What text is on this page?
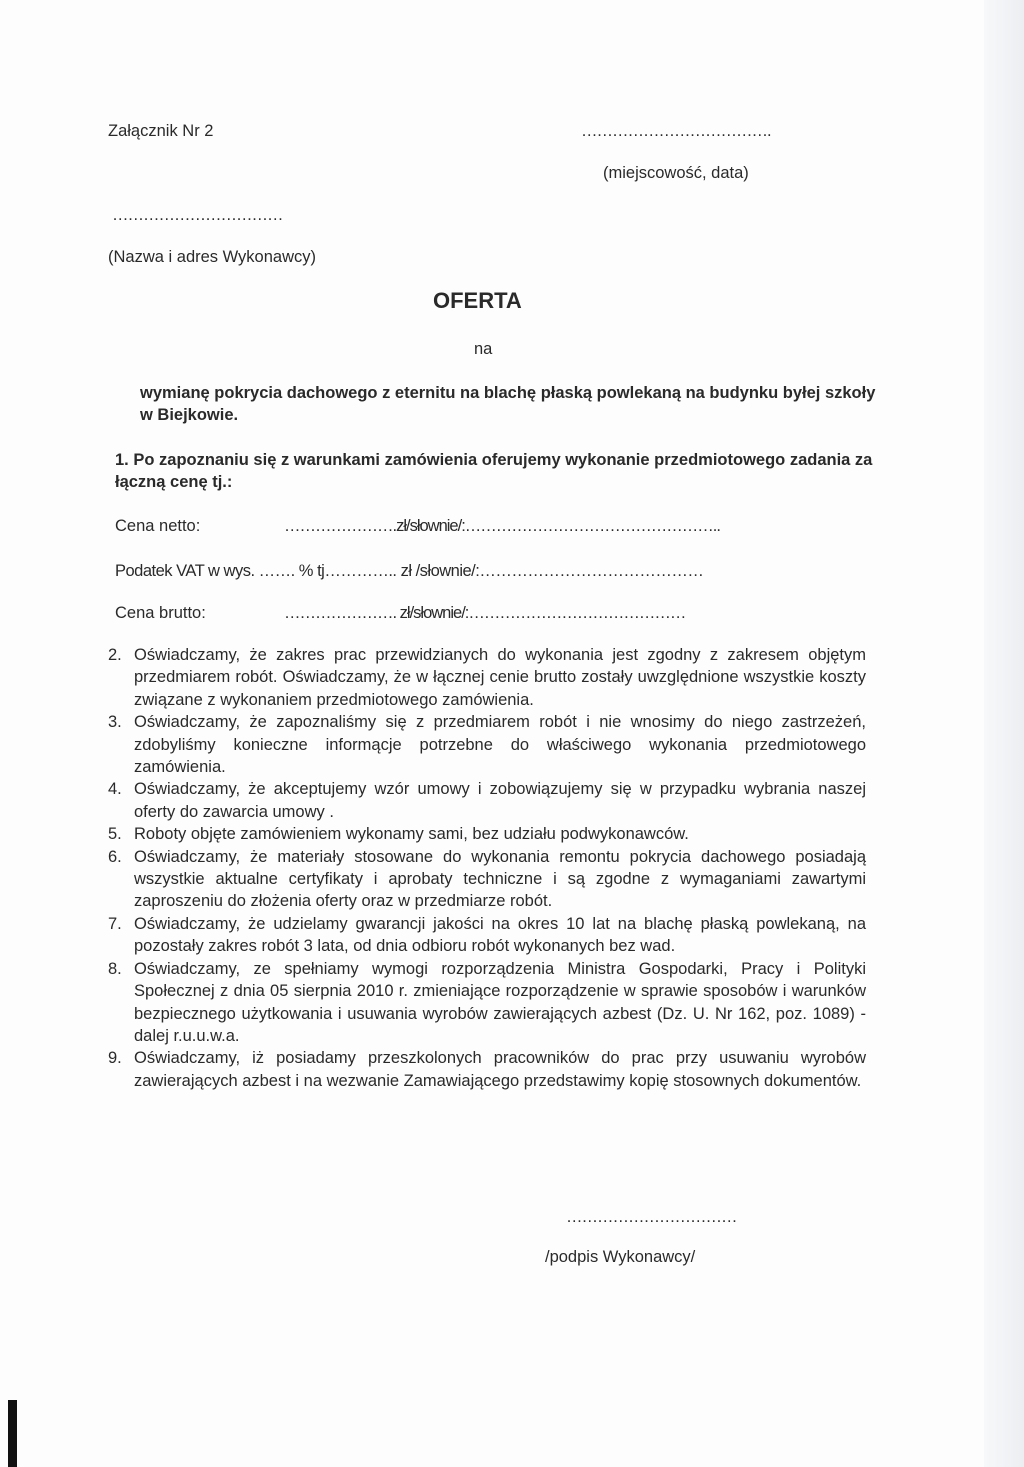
Załącznik Nr 2	……………………………….
(miejscowość, data)
……………………………
(Nazwa i adres Wykonawcy)
OFERTA
na
wymianę pokrycia dachowego z eternitu na blachę płaską powlekaną na budynku byłej szkoły
w Biejkowie.
1. Po zapoznaniu się z warunkami zamówienia oferujemy wykonanie przedmiotowego zadania za
łączną cenę tj.:
Cena netto:	………………….zł/słownie/:…………………………………………..
Podatek VAT w wys. ……. % tj………….. zł /słownie/:……………………………………
Cena brutto:	…………………. zł/słownie/:……………………………………
2. Oświadczamy, że zakres prac przewidzianych do wykonania jest zgodny z zakresem objętym przedmiarem robót. Oświadczamy, że w łącznej cenie brutto zostały uwzględnione wszystkie koszty związane z wykonaniem przedmiotowego zamówienia.
3. Oświadczamy, że zapoznaliśmy się z przedmiarem robót i nie wnosimy do niego zastrzeżeń, zdobyliśmy konieczne informącje potrzebne do właściwego wykonania przedmiotowego zamówienia.
4. Oświadczamy, że akceptujemy wzór umowy i zobowiązujemy się w przypadku wybrania naszej oferty do zawarcia umowy .
5. Roboty objęte zamówieniem wykonamy sami, bez udziału podwykonawców.
6. Oświadczamy, że materiały stosowane do wykonania remontu pokrycia dachowego posiadają wszystkie aktualne certyfikaty i aprobaty techniczne i są zgodne z wymaganiami zawartymi zaproszeniu do złożenia oferty oraz w przedmiarze robót.
7. Oświadczamy, że udzielamy gwarancji jakości na okres 10 lat na blachę płaską powlekaną, na pozostały zakres robót 3 lata, od dnia odbioru robót wykonanych bez wad.
8. Oświadczamy, ze spełniamy wymogi rozporządzenia Ministra Gospodarki, Pracy i Polityki Społecznej z dnia 05 sierpnia 2010 r. zmieniające rozporządzenie w sprawie sposobów i warunków bezpiecznego użytkowania i usuwania wyrobów zawierających azbest (Dz. U. Nr 162, poz. 1089) - dalej r.u.u.w.a.
9. Oświadczamy, iż posiadamy przeszkolonych pracowników do prac przy usuwaniu wyrobów zawierających azbest i na wezwanie Zamawiającego przedstawimy kopię stosownych dokumentów.
……………………………
/podpis Wykonawcy/
